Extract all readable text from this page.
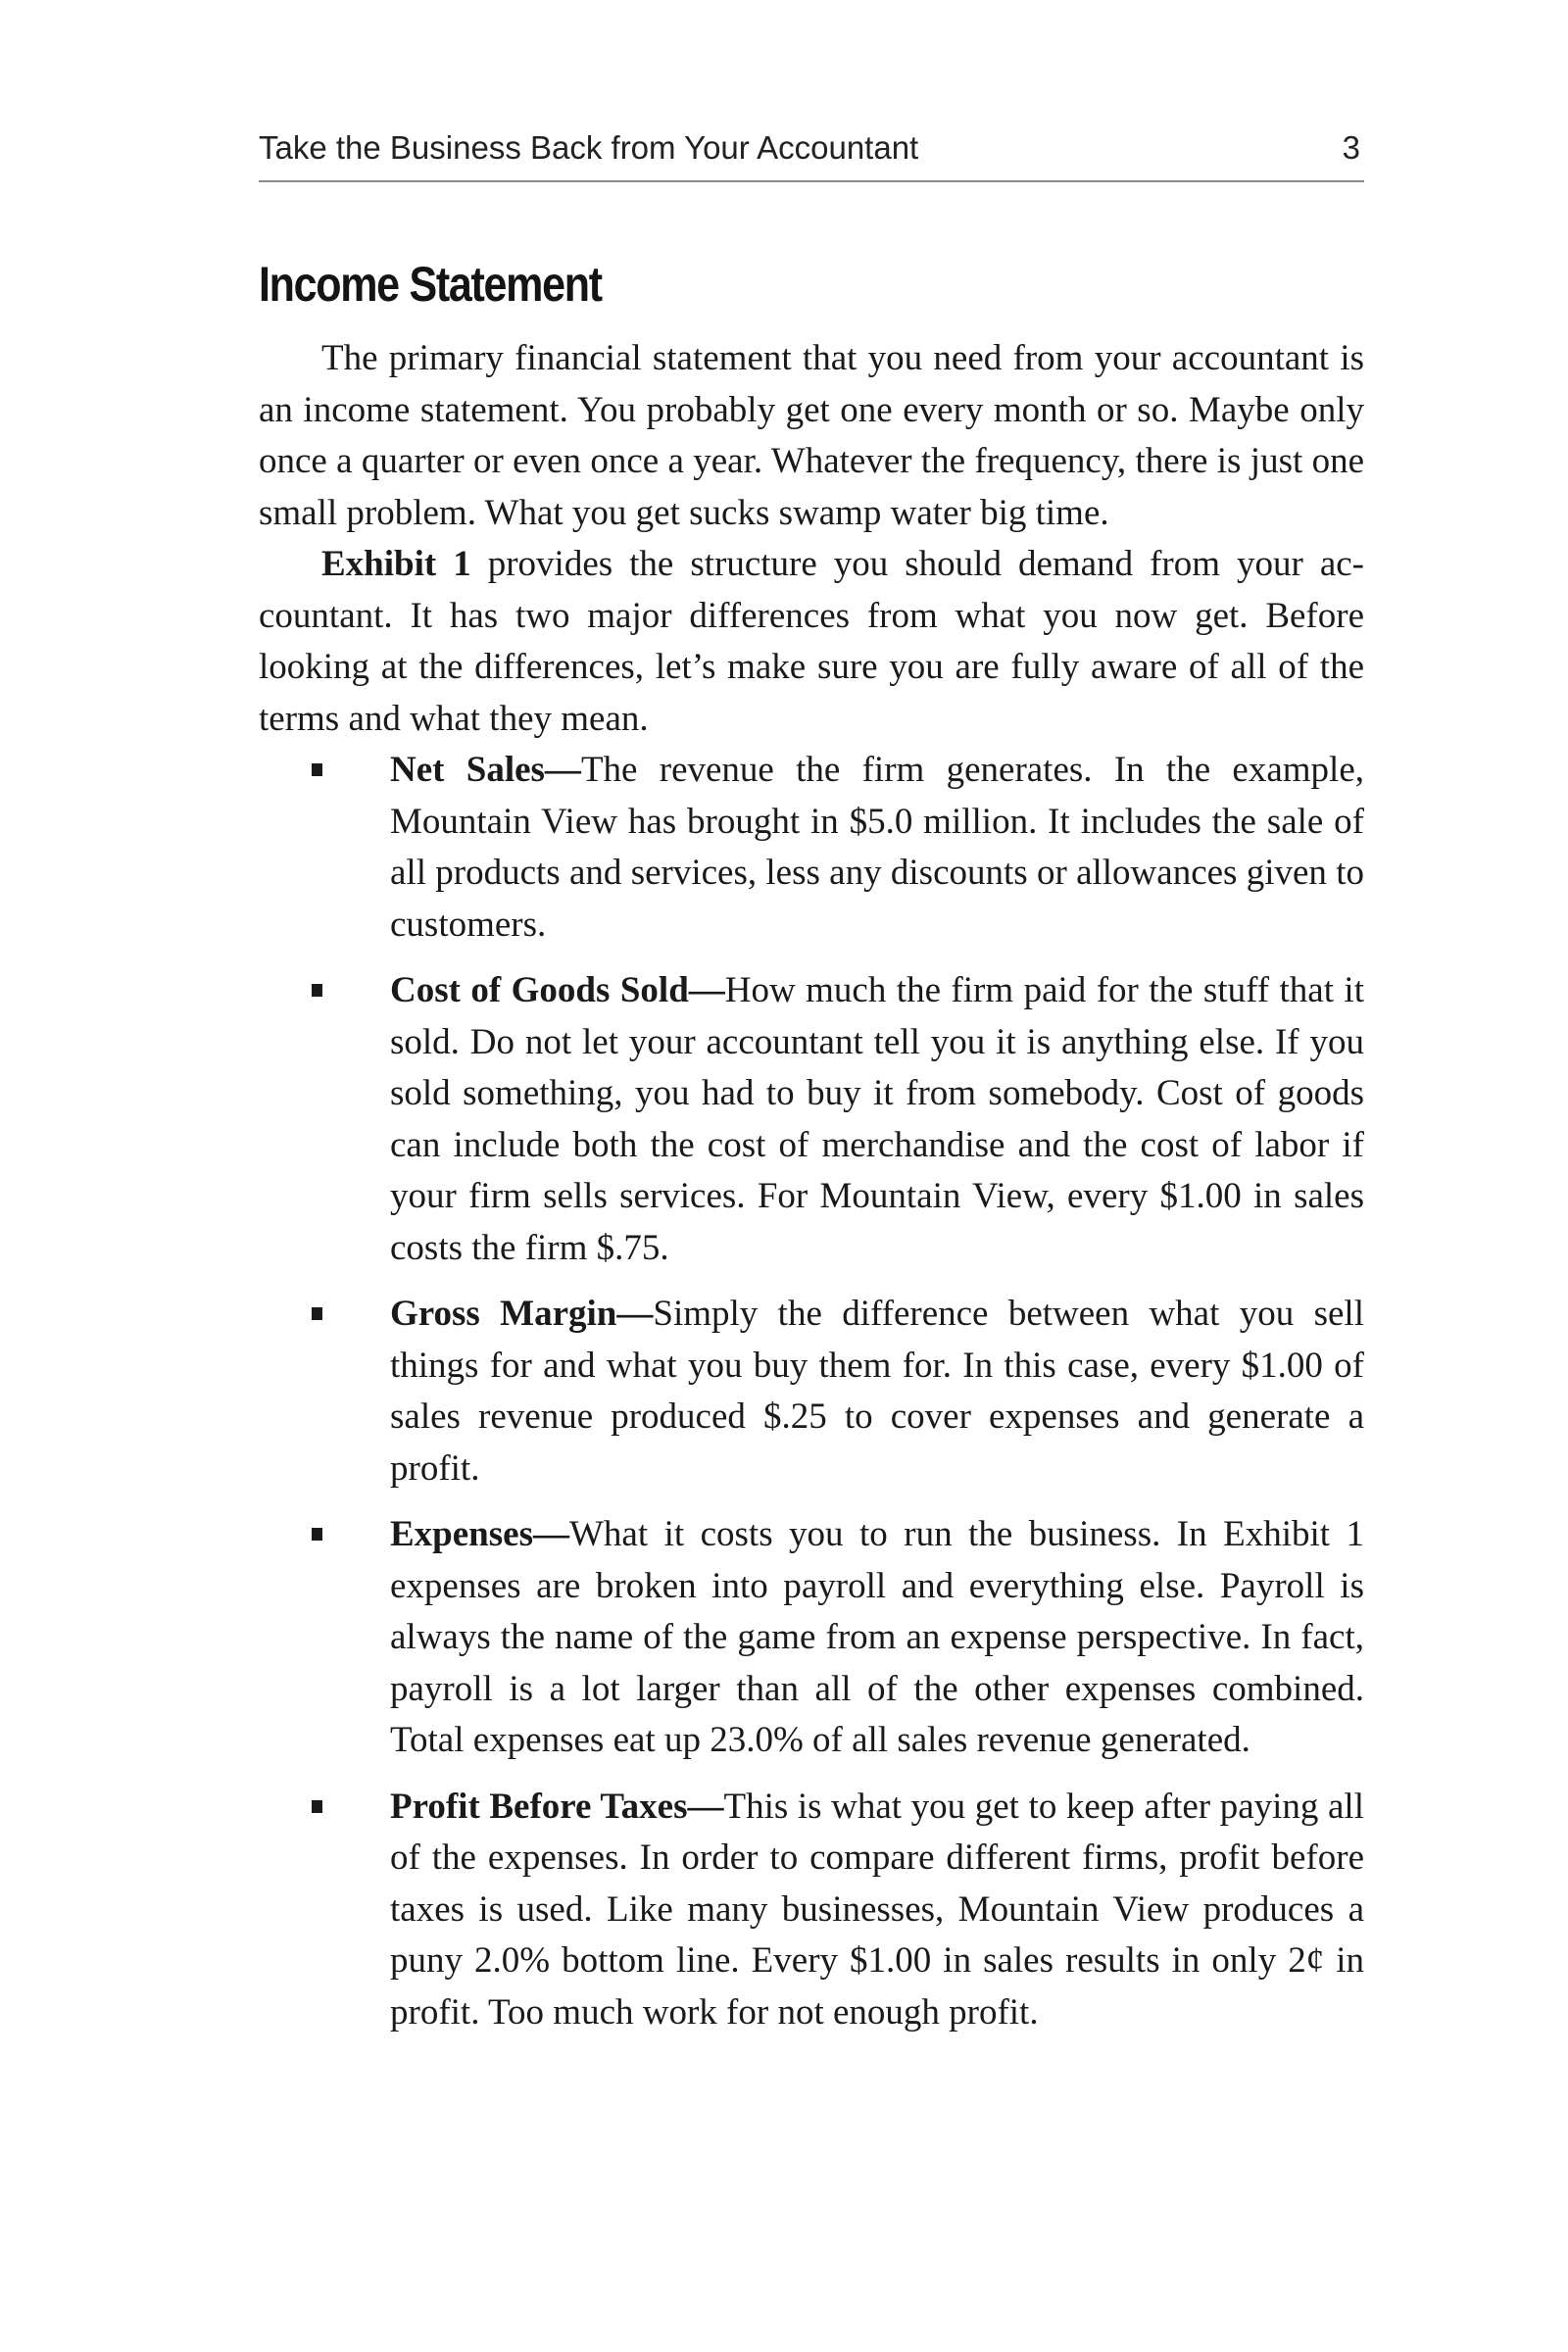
Take the Business Back from Your Accountant	3
Income Statement

The primary financial statement that you need from your accountant is an income statement. You probably get one every month or so. Maybe only once a quarter or even once a year. Whatever the frequency, there is just one small problem. What you get sucks swamp water big time.

Exhibit 1 provides the structure you should demand from your accountant. It has two major differences from what you now get. Before looking at the differences, let’s make sure you are fully aware of all of the terms and what they mean.

Net Sales—The revenue the firm generates. In the example, Mountain View has brought in $5.0 million. It includes the sale of all products and services, less any discounts or allowances given to customers.
Cost of Goods Sold—How much the firm paid for the stuff that it sold. Do not let your accountant tell you it is anything else. If you sold something, you had to buy it from somebody. Cost of goods can include both the cost of merchandise and the cost of labor if your firm sells services. For Mountain View, every $1.00 in sales costs the firm $.75.
Gross Margin—Simply the difference between what you sell things for and what you buy them for. In this case, every $1.00 of sales revenue produced $.25 to cover expenses and generate a profit.
Expenses—What it costs you to run the business. In Exhibit 1 expenses are broken into payroll and everything else. Payroll is always the name of the game from an expense perspective. In fact, payroll is a lot larger than all of the other expenses combined. Total expenses eat up 23.0% of all sales revenue generated.
Profit Before Taxes—This is what you get to keep after paying all of the expenses. In order to compare different firms, profit before taxes is used. Like many businesses, Mountain View produces a puny 2.0% bottom line. Every $1.00 in sales results in only 2¢ in profit. Too much work for not enough profit.
